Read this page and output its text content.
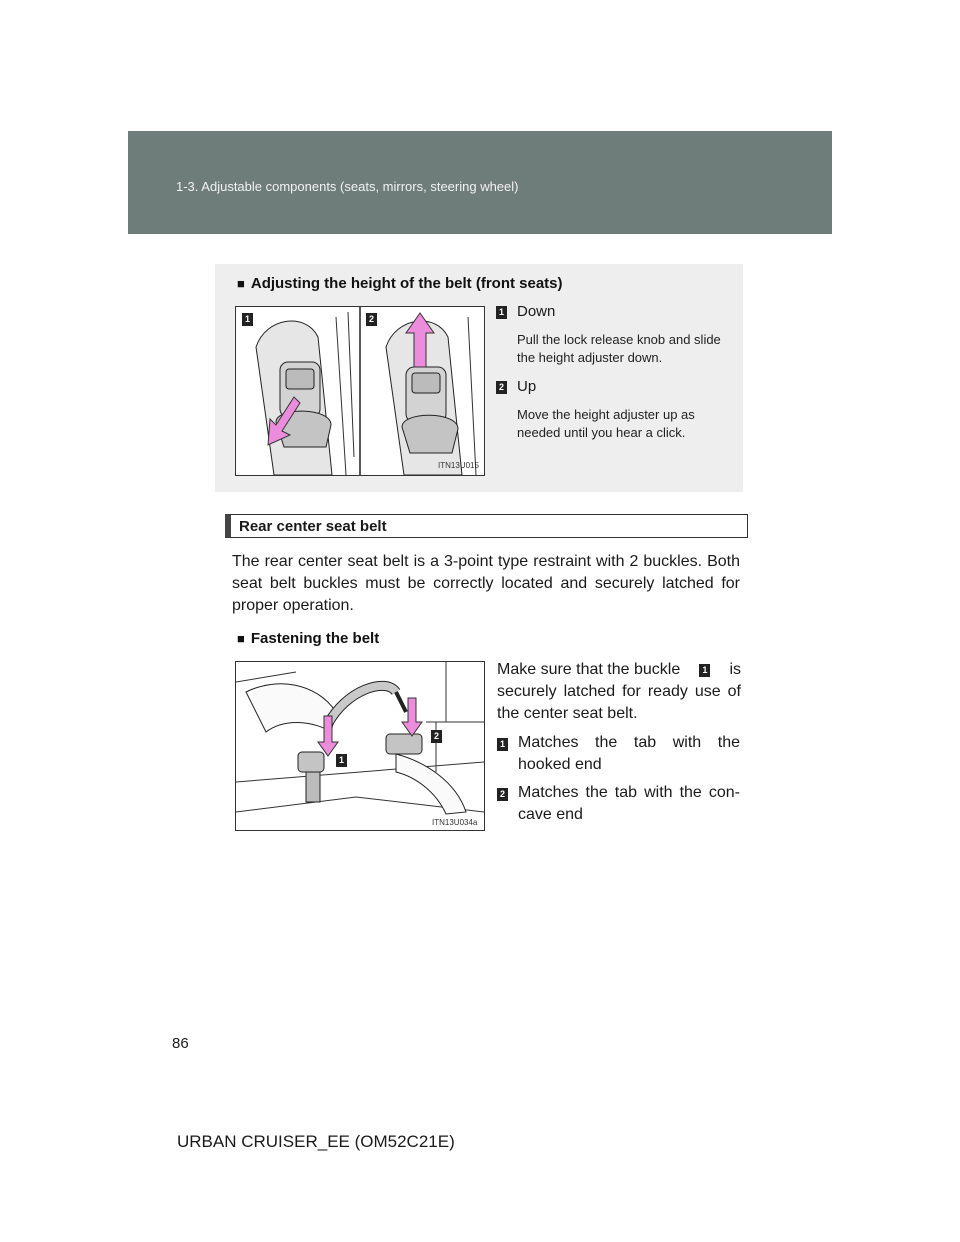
1-3. Adjustable components (seats, mirrors, steering wheel)
■ Adjusting the height of the belt (front seats)
1	2
ITN13U015
1 Down
Pull the lock release knob and slide the height adjuster down.
2 Up
Move the height adjuster up as needed until you hear a click.
Rear center seat belt
The rear center seat belt is a 3-point type restraint with 2 buckles. Both seat belt buckles must be correctly located and securely latched for proper operation.
■ Fastening the belt
2
1
ITN13U034a
Make sure that the buckle	1 is
securely latched for ready use of the center seat belt.
1 Matches the tab with the hooked end
2 Matches the tab with the con-cave end
86
URBAN CRUISER_EE (OM52C21E)
